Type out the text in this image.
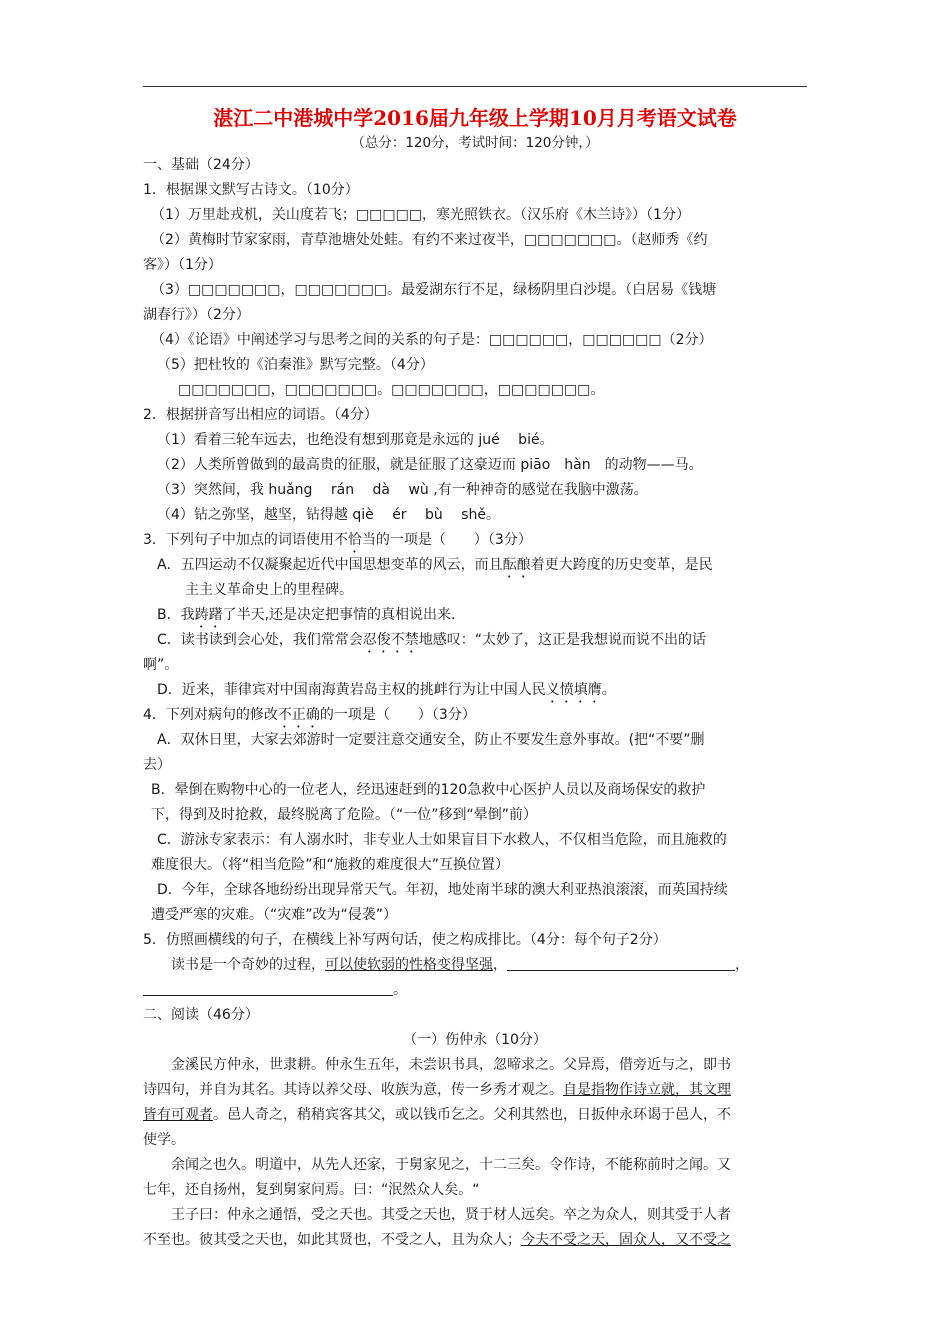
湛江二中港城中学2016届九年级上学期10月月考语文试卷
（总分：120分，考试时间：120分钟，）
一、基础（24分）
1．根据课文默写古诗文。（10分）
（1）万里赴戎机，关山度若飞；□□□□□，寒光照铁衣。（汉乐府《木兰诗》）（1分）
（2）黄梅时节家家雨，青草池塘处处蛙。有约不来过夜半，□□□□□□□。（赵师秀《约
客》）（1分）
（3）□□□□□□□，□□□□□□□。最爱湖东行不足，绿杨阴里白沙堤。（白居易《钱塘
湖春行》）（2分）
（4）《论语》中阐述学习与思考之间的关系的句子是：□□□□□□，□□□□□□（2分）
（5）把杜牧的《泊秦淮》默写完整。（4分）
□□□□□□□，□□□□□□□。□□□□□□□，□□□□□□□。
2．根据拼音写出相应的词语。（4分）
（1）看着三轮车远去，也绝没有想到那竟是永远的 jué　 bié。
（2）人类所曾做到的最高贵的征服，就是征服了这豪迈而 piāo　hàn　的动物——马。
（3）突然间，我 huǎng　 rán　 dà　 wù ,有一种神奇的感觉在我脑中激荡。
（4）钻之弥坚，越坚，钻得越 qiè　 ér　 bù　 shě。
3．下列句子中加点的词语使用不恰当的一项是（　　）（3分）
A．五四运动不仅凝聚起近代中国思想变革的风云，而且酝酿着更大跨度的历史变革，是民
主主义革命史上的里程碑。
B．我踌躇了半天,还是决定把事情的真相说出来.
C．读书读到会心处，我们常常会忍俊不禁地感叹：“太妙了，这正是我想说而说不出的话
啊”。
D．近来，菲律宾对中国南海黄岩岛主权的挑衅行为让中国人民义愤填膺。
4．下列对病句的修改不正确的一项是（　　）（3分）
A．双休日里，大家去郊游时一定要注意交通安全，防止不要发生意外事故。(把“不要”删
去）
B．晕倒在购物中心的一位老人，经迅速赶到的120急救中心医护人员以及商场保安的救护
下，得到及时抢救，最终脱离了危险。（“一位”移到“晕倒”前）
C．游泳专家表示：有人溺水时，非专业人士如果盲目下水救人，不仅相当危险，而且施救的
难度很大。（将“相当危险”和“施救的难度很大”互换位置）
D．今年，全球各地纷纷出现异常天气。年初，地处南半球的澳大利亚热浪滚滚，而英国持续
遭受严寒的灾难。（“灾难”改为“侵袭”）
5．仿照画横线的句子，在横线上补写两句话，使之构成排比。（4分：每个句子2分）
读书是一个奇妙的过程，可以使软弱的性格变得坚强，	，
。
二、阅读（46分）
（一）伤仲永（10分）
金溪民方仲永，世隶耕。仲永生五年，未尝识书具，忽啼求之。父异焉，借旁近与之，即书
诗四句，并自为其名。其诗以养父母、收族为意，传一乡秀才观之。自是指物作诗立就，其文理
皆有可观者。邑人奇之，稍稍宾客其父，或以钱币乞之。父利其然也，日扳仲永环谒于邑人，不
使学。
余闻之也久。明道中，从先人还家，于舅家见之，十二三矣。令作诗，不能称前时之闻。又
七年，还自扬州，复到舅家问焉。曰：“泯然众人矣。“
王子曰：仲永之通悟，受之天也。其受之天也，贤于材人远矣。卒之为众人，则其受于人者
不至也。彼其受之天也，如此其贤也，不受之人，且为众人；今夫不受之天，固众人，又不受之
